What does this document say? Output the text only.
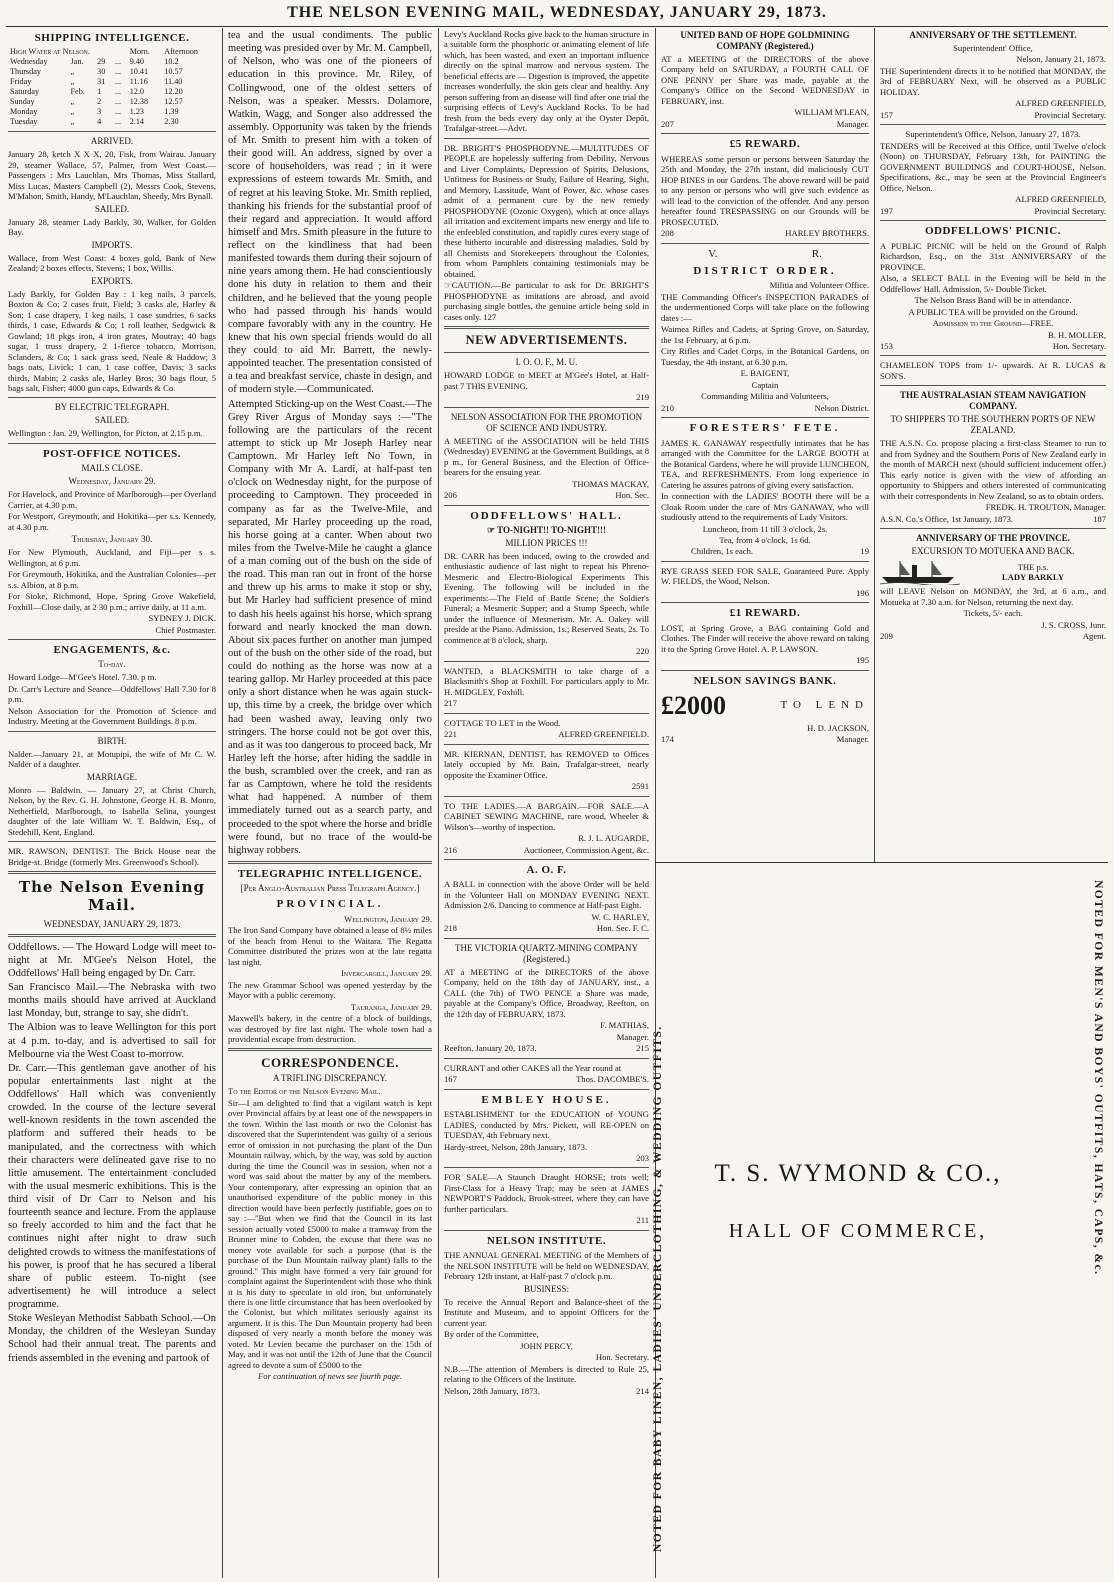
THE NELSON EVENING MAIL, WEDNESDAY, JANUARY 29, 1873.
SHIPPING INTELLIGENCE.
High Water at Nelson.				Morn.	Afternoon
Wednesday	Jan.	29	...	9.40	10.2
Thursday	„	30	...	10.41	10.57
Friday	„	31	...	11.16	11.40
Saturday	Feb.	1	...	12.0	12.20
Sunday	„	2	...	12.38	12.57
Monday	„	3	...	1.23	1.39
Tuesday	„	4	...	2.14	2.30
ARRIVED.

January 28, ketch X X X, 20, Fisk, from Wairau. January 29, steamer Wallace, 57, Palmer, from West Coast.—Passengers : Mrs Lauchlan, Mrs Thomas, Miss Stallard, Miss Lucas, Masters Campbell (2), Messrs Cook, Stevens, M'Mahon, Smith, Handy, M'Lauchlan, Sheedy, Mrs Bynall.

SAILED.

January 28, steamer Lady Barkly, 30, Walker, for Golden Bay.

IMPORTS.

Wallace, from West Coast: 4 boxes gold, Bank of New Zealand; 2 boxes effects, Stevens; 1 box, Willis.

EXPORTS.

Lady Barkly, for Golden Bay : 1 keg nails, 3 parcels, Boxton & Co; 2 cases fruit, Field; 3 casks ale, Harley & Son; 1 case drapery, 1 keg nails, 1 case sundries, 6 sacks thirds, 1 case, Edwards & Co; 1 roll leather, Sedgwick & Gowland; 18 pkgs iron, 4 iron grates, Moutray; 40 bags sugar, 1 truss drapery, 2 1-fierce tobacco, Morrison, Sclanders, & Co; 1 sack grass seed, Neale & Haddow; 3 bags oats, Livick; 1 can, 1 case coffee, Davis; 3 sacks thirds, Mabin; 2 casks ale, Harley Bros; 30 bags flour, 5 bags salt, Fisher; 4000 gun caps, Edwards & Co.

BY ELECTRIC TELEGRAPH.
SAILED.

Wellington : Jan. 29, Wellington, for Picton, at 2.15 p.m.

POST-OFFICE NOTICES.
MAILS CLOSE.
Wednesday, January 29.

For Havelock, and Province of Marlborough—per Overland Carrier, at 4.30 p.m.

For Westport, Greymouth, and Hokitika—per s.s. Kennedy, at 4.30 p.m.

Thursday, January 30.

For New Plymouth, Auckland, and Fiji—per s s. Wellington, at 6 p.m.

For Greymouth, Hokitika, and the Australian Colonies—per s.s. Albion, at 8 p.m.

For Stoke, Richmond, Hope, Spring Grove Wakefield, Foxhill—Close daily, at 2 30 p.m.; arrive daily, at 11 a.m.

SYDNEY J. DICK.

Chief Postmaster.

ENGAGEMENTS, &c.
To-day.

Howard Lodge—M'Gee's Hotel. 7.30. p m.

Dr. Carr's Lecture and Seance—Oddfellows' Hall 7.30 for 8 p.m.

Nelson Association for the Promotion of Science and Industry. Meeting at the Government Buildings. 8 p.m.

BIRTH.

Nalder.—January 21, at Motupipi, the wife of Mr C. W. Nalder of a daughter.

MARRIAGE.

Monro — Baldwin. — January 27, at Christ Church, Nelson, by the Rev. G. H. Johnstone, George H. B. Monro, Netherfield, Marlborough, to Isabella Selina, youngest daughter of the late William W. T. Baldwin, Esq., of Stedehill, Kent, England.

MR. RAWSON, DENTIST. The Brick House near the Bridge-st. Bridge (formerly Mrs. Greenwood's School).

The Nelson Evening Mail.
WEDNESDAY, JANUARY 29, 1873.

Oddfellows. — The Howard Lodge will meet to-night at Mr. M'Gee's Nelson Hotel, the Oddfellows' Hall being engaged by Dr. Carr.

San Francisco Mail.—The Nebraska with two months mails should have arrived at Auckland last Monday, but, strange to say, she didn't.

The Albion was to leave Wellington for this port at 4 p.m. to-day, and is advertised to sail for Melbourne via the West Coast to-morrow.

Dr. Carr.—This gentleman gave another of his popular entertainments last night at the Oddfellows' Hall which was conveniently crowded. In the course of the lecture several well-known residents in the town ascended the platform and suffered their heads to be manipulated, and the correctness with which their characters were delineated gave rise to no little amusement. The entertainment concluded with the usual mesmeric exhibitions. This is the third visit of Dr Carr to Nelson and his fourteenth seance and lecture. From the applause so freely accorded to him and the fact that he continues night after night to draw such delighted crowds to witness the manifestations of his power, is proof that he has secured a liberal share of public esteem. To-night (see advertisement) he will introduce a select programme.

Stoke Wesleyan Methodist Sabbath School.—On Monday, the children of the Wesleyan Sunday School had their annual treat. The parents and friends assembled in the evening and partook of

tea and the usual condiments. The public meeting was presided over by Mr. M. Campbell, of Nelson, who was one of the pioneers of education in this province. Mr. Riley, of Collingwood, one of the oldest setters of Nelson, was a speaker. Messrs. Dolamore, Watkin, Wagg, and Songer also addressed the assembly. Opportunity was taken by the friends of Mr. Smith to present him with a token of their good will. An address, signed by over a score of householders, was read ; in it were expressions of esteem towards Mr. Smith, and of regret at his leaving Stoke. Mr. Smith replied, thanking his friends for the substantial proof of their regard and appreciation. It would afford himself and Mrs. Smith pleasure in the future to reflect on the kindliness that had been manifested towards them during their sojourn of nine years among them. He had conscientiously done his duty in relation to them and their children, and he believed that the young people who had passed through his hands would compare favorably with any in the country. He knew that his own special friends would do all they could to aid Mr. Barrett, the newly-appointed teacher. The presentation consisted of a tea and breakfast service, chaste in design, and of modern style.—Communicated.

Attempted Sticking-up on the West Coast.—The Grey River Argus of Monday says :—"The following are the particulars of the recent attempt to stick up Mr Joseph Harley near Camptown. Mr Harley left No Town, in Company with Mr A. Lardi, at half-past ten o'clock on Wednesday night, for the purpose of proceeding to Camptown. They proceeded in company as far as the Twelve-Mile, and separated, Mr Harley proceeding up the road, his horse going at a canter. When about two miles from the Twelve-Mile he caught a glance of a man coming out of the bush on the side of the road. This man ran out in front of the horse and threw up his arms to make it stop or shy, but Mr Harley had sufficient presence of mind to dash his heels against his horse, which sprang forward and nearly knocked the man down. About six paces further on another man jumped out of the bush on the other side of the road, but could do nothing as the horse was now at a tearing gallop. Mr Harley proceeded at this pace only a short distance when he was again stuck-up, this time by a creek, the bridge over which had been washed away, leaving only two stringers. The horse could not be got over this, and as it was too dangerous to proceed back, Mr Harley left the horse, after hiding the saddle in the bush, scrambled over the creek, and ran as far as Camptown, where he told the residents what had happened. A number of them immediately turned out as a search party, and proceeded to the spot where the horse and bridle were found, but no trace of the would-be highway robbers.

TELEGRAPHIC INTELLIGENCE.
[Per Anglo-Australian Press Telegraph Agency.]
PROVINCIAL.

Wellington, January 29.

The Iron Sand Company have obtained a lease of 8½ miles of the beach from Henui to the Waitara. The Regatta Committee distributed the prizes won at the late regatta last night.

Invercargill, January 29.

The new Grammar School was opened yesterday by the Mayor with a public ceremony.

Tauranga, January 29.

Maxwell's bakery, in the centre of a block of buildings, was destroyed by fire last night. The whole town had a providential escape from destruction.

CORRESPONDENCE.
A TRIFLING DISCREPANCY.

To the Editor of the Nelson Evening Mail.

Sir—I am delighted to find that a vigilant watch is kept over Provincial affairs by at least one of the newspapers in the town. Within the last month or two the Colonist has discovered that the Superintendent was guilty of a serious error of omission in not purchasing the plant of the Dun Mountain railway, which, by the way, was sold by auction during the time the Council was in session, when not a word was said about the matter by any of the members. Your contemporary, after expressing an opinion that an unauthorised expenditure of the public money in this direction would have been perfectly justifiable, goes on to say :—"But when we find that the Council in its last session actually voted £5000 to make a tramway from the Brunner mine to Cobden, the excuse that there was no money vote available for such a purpose (that is the purchase of the Dun Mountain railway plant) falls to the ground." This might have formed a very fair ground for complaint against the Superintendent with those who think it is his duty to speculate in old iron, but unfortunately there is one little circumstance that has been overlooked by the Colonist, but which militates seriously against its argument. It is this. The Dun Mountain property had been disposed of very nearly a month before the money was voted. Mr Levien became the purchaser on the 15th of May, and it was not until the 12th of June that the Council agreed to devote a sum of £5000 to the

For continuation of news see fourth page.

Levy's Auckland Rocks give back to the human structure in a suitable form the phosphoric or animating element of life which, has been wasted, and exert an important influence directly on the spinal marrow and nervous system. The beneficial effects are — Digestion is improved, the appetite increases wonderfully, the skin gets clear and healthy. Any person suffering from an disease will find after one trial the surprising effects of Levy's Auckland Rocks. To be had fresh from the beds every day only at the Oyster Depôt, Trafalgar-street.—Advt.

DR. BRIGHT'S PHOSPHODYNE.—MULTITUDES OF PEOPLE are hopelessly suffering from Debility, Nervous and Liver Complaints, Depression of Spirits, Delusions, Unfitness for Business or Study, Failure of Hearing, Sight, and Memory, Lassitude, Want of Power, &c. whose cases admit of a permanent cure by the new remedy PHOSPHODYNE (Ozonic Oxygen), which at once allays all irritation and excitement imparts new energy and life to the enfeebled constitution, and rapidly cures every stage of these hitherto incurable and distressing maladies. Sold by all Chemists and Storekeepers throughout the Colonies, from whom Pamphlets containing testimonials may be obtained.

☞CAUTION.—Be particular to ask for Dr. BRIGHT'S PHOSPHODYNE as imitations are abroad, and avoid purchasing single bottles, the genuine article being sold in cases only. 127

NEW ADVERTISEMENTS.
I. O. O. F., M. U.

HOWARD LODGE to MEET at M'Gee's Hotel, at Half-past 7 THIS EVENING.

219

NELSON ASSOCIATION FOR THE PROMOTION OF SCIENCE AND INDUSTRY.

A MEETING of the ASSOCIATION will be held THIS (Wednesday) EVENING at the Government Buildings, at 8 p m., for General Business, and the Election of Office-bearers for the ensuing year.

THOMAS MACKAY,

206	Hon. Sec.

ODDFELLOWS' HALL.
☞ TO-NIGHT!! TO-NIGHT!!!
MILLION PRICES !!!

DR. CARR has been induced, owing to the crowded and enthusiastic audience of last night to repeat his Phreno-Mesmeric and Electro-Biological Experiments This Evening. The following will be included in the experiments:—The Field of Battle Scene; the Soldier's Funeral; a Mesmeric Supper; and a Stump Speech, while under the influence of Mesmerism. Mr. A. Oakey will preside at the Piano. Admission, 1s.; Reserved Seats, 2s. To commence at 8 o'clock, sharp.

220

WANTED, a BLACKSMITH to take charge of a Blacksmith's Shop at Foxhill. For particulars apply to Mr. H. MIDGLEY, Foxhill.

217

COTTAGE TO LET in the Wood.

221	ALFRED GREENFIELD.

MR. KIERNAN, DENTIST, has REMOVED to Offices lately occupied by Mr. Bain, Trafalgar-street, nearly opposite the Examiner Office.

2591

TO THE LADIES.—A BARGAIN.—FOR SALE.—A CABINET SEWING MACHINE, rare wood, Wheeler & Wilson's—worthy of inspection.

R. J. L. AUGARDE,

216	Auctioneer, Commission Agent, &c.

A. O. F.

A BALL in connection with the above Order will be held in the Volunteer Hall on MONDAY EVENING NEXT. Admission 2/6. Dancing to commence at Half-past Eight.

W. C. HARLEY,

218	Hon. Sec. F. C.

THE VICTORIA QUARTZ-MINING COMPANY (Registered.)

AT a MEETING of the DIRECTORS of the above Company, held on the 18th day of JANUARY, inst., a CALL (the 7th) of TWO PENCE a Share was made, payable at the Company's Office, Broadway, Reefton, on the 12th day of FEBRUARY, 1873.

F. MATHIAS,

Manager.

Reefton, January 20, 1873.	215

CURRANT and other CAKES all the Year round at

167	Thos. DACOMBE'S.

EMBLEY HOUSE.

ESTABLISHMENT for the EDUCATION of YOUNG LADIES, conducted by Mrs. Pickett, will RE-OPEN on TUESDAY, 4th February next.

Hardy-street, Nelson, 28th January, 1873.

203

FOR SALE—A Staunch Draught HORSE; trots well; First-Class for a Heavy Trap; may be seen at JAMES NEWPORT'S Paddock, Brook-street, where they can have further particulars.

211

NELSON INSTITUTE.

THE ANNUAL GENERAL MEETING of the Members of the NELSON INSTITUTE will be held on WEDNESDAY, February 12th instant, at Half-past 7 o'clock p.m.

BUSINESS:

To receive the Annual Report and Balance-sheet of the Institute and Museum, and to appoint Officers for the current year.

By order of the Committee,

JOHN PERCY,

Hon. Secretary.

N.B.—The attention of Members is directed to Rule 25, relating to the Officers of the Institute.

Nelson, 28th January, 1873.	214

UNITED BAND OF HOPE GOLDMINING COMPANY (Registered.)

AT a MEETING of the DIRECTORS of the above Company held on SATURDAY, a FOURTH CALL OF ONE PENNY per Share was made, payable at the Company's Office on the Second WEDNESDAY in FEBRUARY, inst.

WILLIAM M'LEAN,

207	Manager.

£5 REWARD.

WHEREAS some person or persons between Saturday the 25th and Monday, the 27th instant, did maliciously CUT HOP BINES in our Gardens. The above reward will be paid to any person or persons who will give such evidence as will lead to the conviction of the offender. And any person hereafter found TRESPASSING on our Grounds will be PROSECUTED.

208	HARLEY BROTHERS.

V.	R.
DISTRICT ORDER.

Militia and Volunteer Office.

THE Commanding Officer's INSPECTION PARADES of the undermentioned Corps will take place on the following dates :—

Waimea Rifles and Cadets, at Spring Grove, on Saturday, the 1st February, at 6 p.m.

City Rifles and Cadet Corps, in the Botanical Gardens, on Tuesday, the 4th instant, at 6.30 p.m.

E. BAIGENT,

Captain

Commanding Militia and Volunteers,

210	Nelson District.

FORESTERS' FETE.

JAMES K. GANAWAY respectfully intimates that he has arranged with the Committee for the LARGE BOOTH at the Botanical Gardens, where he will provide LUNCHEON, TEA, and REFRESHMENTS. From long experience in Catering he assures patrons of giving every satisfaction.

In connection with the LADIES' BOOTH there will be a Cloak Room under the care of Mrs GANAWAY, who will studiously attend to the requirements of Lady Visitors.

Luncheon, from 11 till 3 o'clock, 2s.

Tea, from 4 o'clock, 1s 6d.

Children, 1s each.	19

RYE GRASS SEED FOR SALE, Guaranteed Pure. Apply W. FIELDS, the Wood, Nelson.

196

£1 REWARD.

LOST, at Spring Grove, a BAG containing Gold and Clothes. The Finder will receive the above reward on taking it to the Spring Grove Hotel. A. P. LAWSON.

195

NELSON SAVINGS BANK.
£2000	TO LEND

H. D. JACKSON,

174	Manager.

ANNIVERSARY OF THE SETTLEMENT.

Superintendent' Office,

Nelson, January 21, 1873.

THE Superintendent directs it to be notified that MONDAY, the 3rd of FEBRUARY Next, will be observed as a PUBLIC HOLIDAY.

ALFRED GREENFIELD,

157	Provincial Secretary.

Superintendent's Office, Nelson, January 27, 1873.

TENDERS will be Received at this Office, until Twelve o'clock (Noon) on THURSDAY, February 13th, for PAINTING the GOVERNMENT BUILDINGS and COURT-HOUSE, Nelson. Specifications, &c., may be seen at the Provincial Engineer's Office, Nelson.

ALFRED GREENFIELD,

197	Provincial Secretary.

ODDFELLOWS' PICNIC.

A PUBLIC PICNIC will be held on the Ground of Ralph Richardson, Esq., on the 31st ANNIVERSARY of the PROVINCE.

Also, a SELECT BALL in the Evening will be held in the Oddfellows' Hall. Admission, 5/- Double Ticket.

The Nelson Brass Band will be in attendance.

A PUBLIC TEA will be provided on the Ground.

Admission to the Ground—FREE.

B. H. MOLLER,

153	Hon. Secretary.

CHAMELEON TOPS from 1/- upwards. At R. LUCAS & SON'S.

THE AUSTRALASIAN STEAM NAVIGATION COMPANY.
TO SHIPPERS TO THE SOUTHERN PORTS OF NEW ZEALAND.

THE A.S.N. Co. propose placing a first-class Steamer to run to and from Sydney and the Southern Ports of New Zealand early in the month of MARCH next (should sufficient inducement offer.) This early notice is given with the view of affording an opportunity to Shippers and others interested of communicating with their correspondents in New Zealand, so as to obtain orders.

FREDK. H. TROUTON, Manager.

A.S.N. Co.'s Office, 1st January, 1873.	187

ANNIVERSARY OF THE PROVINCE.
EXCURSION TO MOTUEKA AND BACK.
THE p.s.
LADY BARKLY

will LEAVE Nelson on MONDAY, the 3rd, at 6 a.m., and Motueka at 7.30 a.m. for Nelson, returning the next day.

Tickets, 5/- each.

J. S. CROSS, Junr.

209	Agent.

NOTED FOR BABY LINEN, LADIES' UNDERCLOTHING, & WEDDING OUTFITS.	NOTED FOR MEN'S AND BOYS' OUTFITS, HATS, CAPS, &c.
T. S. WYMOND & CO.,
HALL OF COMMERCE,
